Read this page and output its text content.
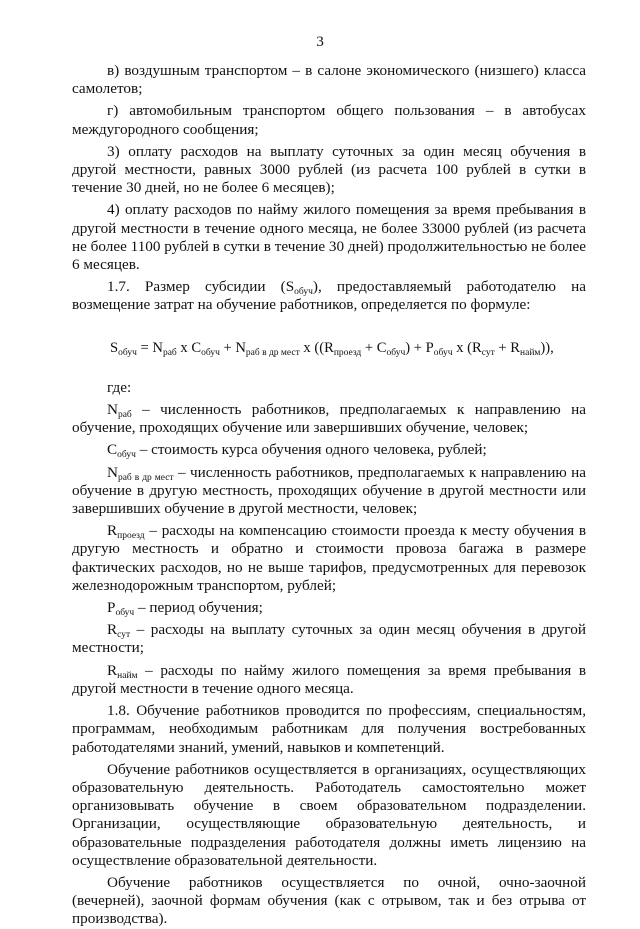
3

в) воздушным транспортом – в салоне экономического (низшего) класса самолетов;

г) автомобильным транспортом общего пользования – в автобусах междугородного сообщения;

3) оплату расходов на выплату суточных за один месяц обучения в другой местности, равных 3000 рублей (из расчета 100 рублей в сутки в течение 30 дней, но не более 6 месяцев);

4) оплату расходов по найму жилого помещения за время пребывания в другой местности в течение одного месяца, не более 33000 рублей (из расчета не более 1100 рублей в сутки в течение 30 дней) продолжительностью не более 6 месяцев.

1.7. Размер субсидии $(S_{обуч})$, предоставляемый работодателю на возмещение затрат на обучение работников, определяется по формуле:

$S_{обуч} = N_{раб}$ x $C_{обуч} + N_{раб в др мест}$ x ($(R_{проезд} + C_{обуч}) + P_{обуч}$ x $(R_{сут} + R_{найм})$),

где:

$N_{раб}$ – численность работников, предполагаемых к направлению на обучение, проходящих обучение или завершивших обучение, человек;

$C_{обуч}$ – стоимость курса обучения одного человека, рублей;

$N_{раб в др мест}$ – численность работников, предполагаемых к направлению на обучение в другую местность, проходящих обучение в другой местности или завершивших обучение в другой местности, человек;

$R_{проезд}$ – расходы на компенсацию стоимости проезда к месту обучения в другую местность и обратно и стоимости провоза багажа в размере фактических расходов, но не выше тарифов, предусмотренных для перевозок железнодорожным транспортом, рублей;

$P_{обуч}$ – период обучения;

$R_{сут}$ – расходы на выплату суточных за один месяц обучения в другой местности;

$R_{найм}$ – расходы по найму жилого помещения за время пребывания в другой местности в течение одного месяца.

1.8. Обучение работников проводится по профессиям, специальностям, программам, необходимым работникам для получения востребованных работодателями знаний, умений, навыков и компетенций.

Обучение работников осуществляется в организациях, осуществляющих образовательную деятельность. Работодатель самостоятельно может организовывать обучение в своем образовательном подразделении. Организации, осуществляющие образовательную деятельность, и образовательные подразделения работодателя должны иметь лицензию на осуществление образовательной деятельности.

Обучение работников осуществляется по очной, очно-заочной (вечерней), заочной формам обучения (как с отрывом, так и без отрыва от производства).
